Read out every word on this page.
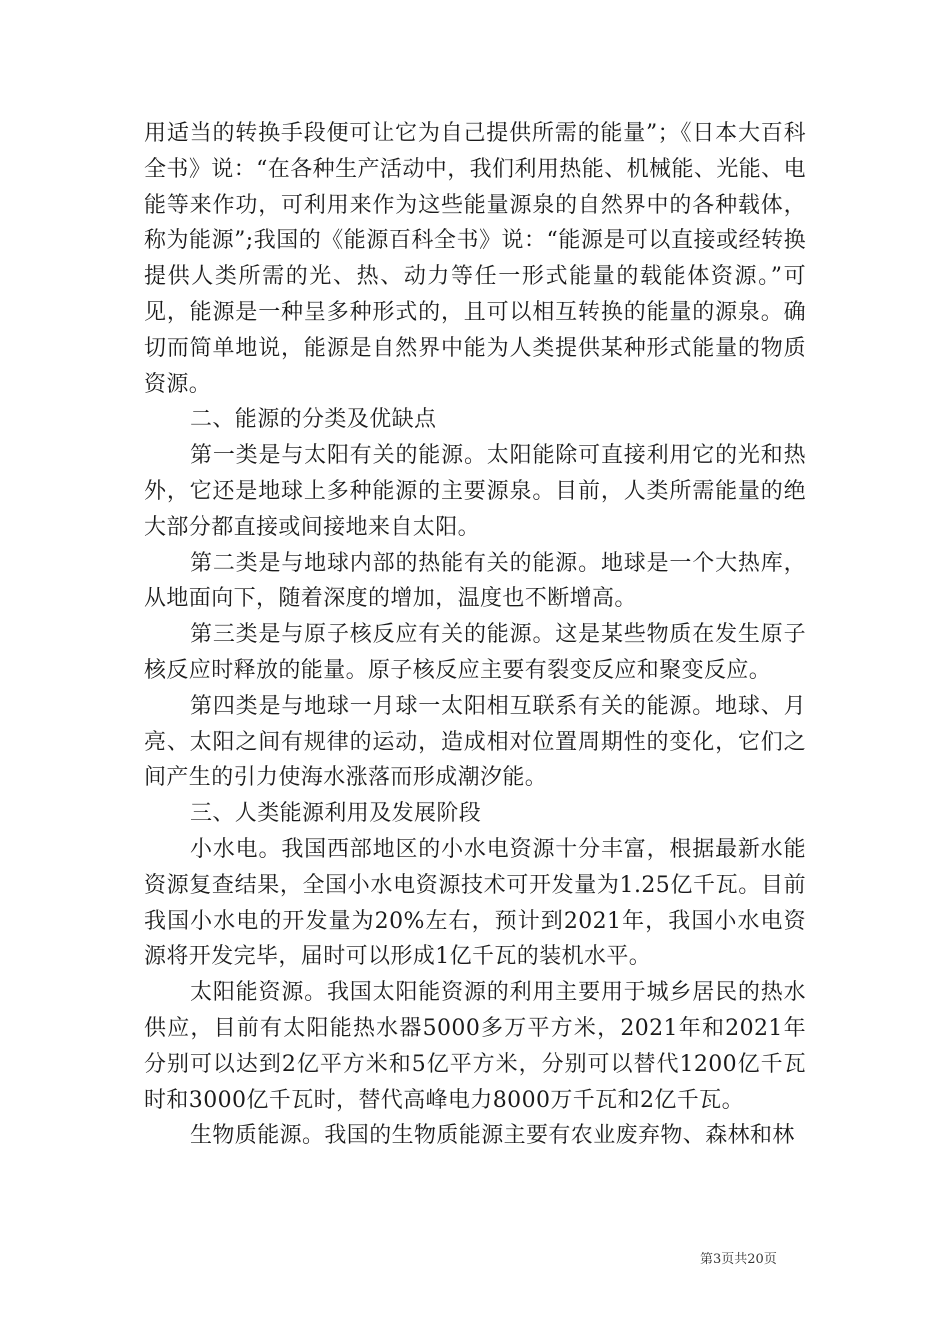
用适当的转换手段便可让它为自己提供所需的能量”；《日本大百科全书》说：“在各种生产活动中，我们利用热能、机械能、光能、电能等来作功，可利用来作为这些能量源泉的自然界中的各种载体，称为能源”;我国的《能源百科全书》说：“能源是可以直接或经转换提供人类所需的光、热、动力等任一形式能量的载能体资源。”可见，能源是一种呈多种形式的，且可以相互转换的能量的源泉。确切而简单地说，能源是自然界中能为人类提供某种形式能量的物质资源。

二、能源的分类及优缺点

第一类是与太阳有关的能源。太阳能除可直接利用它的光和热外，它还是地球上多种能源的主要源泉。目前，人类所需能量的绝大部分都直接或间接地来自太阳。

第二类是与地球内部的热能有关的能源。地球是一个大热库，从地面向下，随着深度的增加，温度也不断增高。

第三类是与原子核反应有关的能源。这是某些物质在发生原子核反应时释放的能量。原子核反应主要有裂变反应和聚变反应。

第四类是与地球一月球一太阳相互联系有关的能源。地球、月亮、太阳之间有规律的运动，造成相对位置周期性的变化，它们之间产生的引力使海水涨落而形成潮汐能。

三、人类能源利用及发展阶段

小水电。我国西部地区的小水电资源十分丰富，根据最新水能资源复查结果，全国小水电资源技术可开发量为1.25亿千瓦。目前我国小水电的开发量为20%左右，预计到2021年，我国小水电资源将开发完毕，届时可以形成1亿千瓦的装机水平。

太阳能资源。我国太阳能资源的利用主要用于城乡居民的热水供应，目前有太阳能热水器5000多万平方米，2021年和2021年分别可以达到2亿平方米和5亿平方米，分别可以替代1200亿千瓦时和3000亿千瓦时，替代高峰电力8000万千瓦和2亿千瓦。

生物质能源。我国的生物质能源主要有农业废弃物、森林和林

第3页共20页
